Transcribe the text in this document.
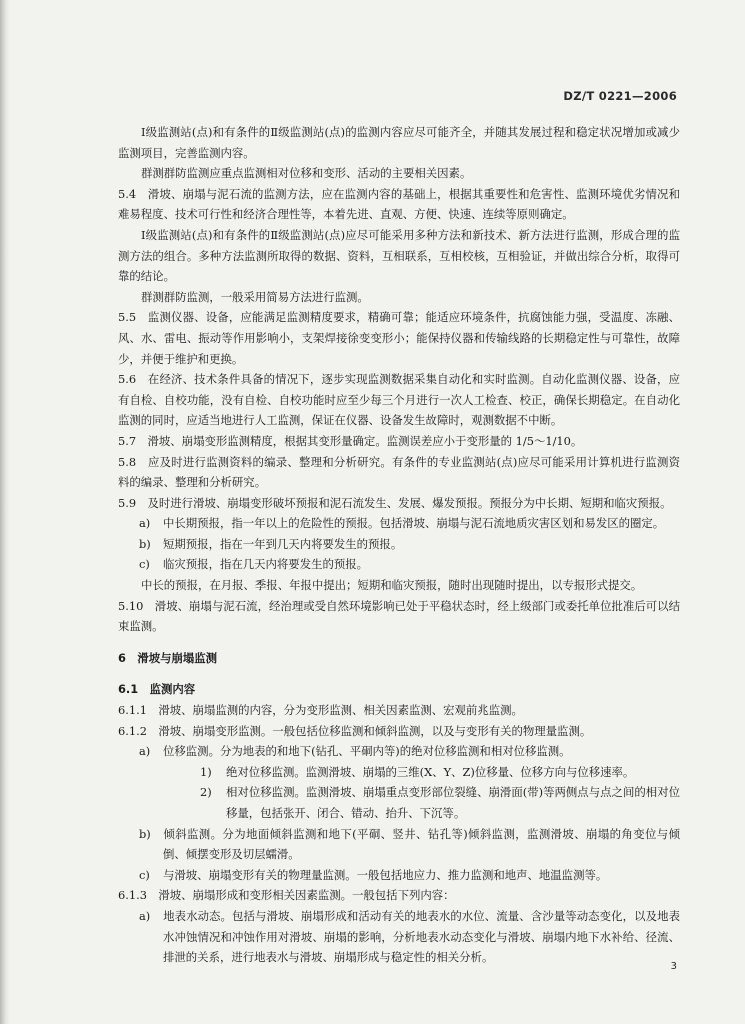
DZ/T 0221—2006

Ⅰ级监测站(点)和有条件的Ⅱ级监测站(点)的监测内容应尽可能齐全，并随其发展过程和稳定状况增加或减少监测项目，完善监测内容。

群测群防监测应重点监测相对位移和变形、活动的主要相关因素。

5.4　滑坡、崩塌与泥石流的监测方法，应在监测内容的基础上，根据其重要性和危害性、监测环境优劣情况和难易程度、技术可行性和经济合理性等，本着先进、直观、方便、快速、连续等原则确定。

Ⅰ级监测站(点)和有条件的Ⅱ级监测站(点)应尽可能采用多种方法和新技术、新方法进行监测，形成合理的监测方法的组合。多种方法监测所取得的数据、资料，互相联系，互相校核，互相验证，并做出综合分析，取得可靠的结论。

群测群防监测，一般采用简易方法进行监测。

5.5　监测仪器、设备，应能满足监测精度要求，精确可靠；能适应环境条件，抗腐蚀能力强，受温度、冻融、风、水、雷电、振动等作用影响小，支架焊接徐变变形小；能保持仪器和传输线路的长期稳定性与可靠性，故障少，并便于维护和更换。

5.6　在经济、技术条件具备的情况下，逐步实现监测数据采集自动化和实时监测。自动化监测仪器、设备，应有自检、自校功能，没有自检、自校功能时应至少每三个月进行一次人工检查、校正，确保长期稳定。在自动化监测的同时，应适当地进行人工监测，保证在仪器、设备发生故障时，观测数据不中断。

5.7　滑坡、崩塌变形监测精度，根据其变形量确定。监测误差应小于变形量的 1/5～1/10。

5.8　应及时进行监测资料的编录、整理和分析研究。有条件的专业监测站(点)应尽可能采用计算机进行监测资料的编录、整理和分析研究。

5.9　及时进行滑坡、崩塌变形破坏预报和泥石流发生、发展、爆发预报。预报分为中长期、短期和临灾预报。

a) 中长期预报，指一年以上的危险性的预报。包括滑坡、崩塌与泥石流地质灾害区划和易发区的圈定。

b) 短期预报，指在一年到几天内将要发生的预报。

c) 临灾预报，指在几天内将要发生的预报。

中长的预报，在月报、季报、年报中提出；短期和临灾预报，随时出现随时提出，以专报形式提交。

5.10　滑坡、崩塌与泥石流，经治理或受自然环境影响已处于平稳状态时，经上级部门或委托单位批准后可以结束监测。

6　滑坡与崩塌监测

6.1　监测内容

6.1.1　滑坡、崩塌监测的内容，分为变形监测、相关因素监测、宏观前兆监测。

6.1.2　滑坡、崩塌变形监测。一般包括位移监测和倾斜监测，以及与变形有关的物理量监测。

a) 位移监测。分为地表的和地下(钻孔、平硐内等)的绝对位移监测和相对位移监测。

1) 绝对位移监测。监测滑坡、崩塌的三维(X、Y、Z)位移量、位移方向与位移速率。

2) 相对位移监测。监测滑坡、崩塌重点变形部位裂缝、崩滑面(带)等两侧点与点之间的相对位移量，包括张开、闭合、错动、抬升、下沉等。

b) 倾斜监测。分为地面倾斜监测和地下(平硐、竖井、钻孔等)倾斜监测，监测滑坡、崩塌的角变位与倾倒、倾摆变形及切层蠕滑。

c) 与滑坡、崩塌变形有关的物理量监测。一般包括地应力、推力监测和地声、地温监测等。

6.1.3　滑坡、崩塌形成和变形相关因素监测。一般包括下列内容：

a) 地表水动态。包括与滑坡、崩塌形成和活动有关的地表水的水位、流量、含沙量等动态变化，以及地表水冲蚀情况和冲蚀作用对滑坡、崩塌的影响，分析地表水动态变化与滑坡、崩塌内地下水补给、径流、排泄的关系，进行地表水与滑坡、崩塌形成与稳定性的相关分析。

3
